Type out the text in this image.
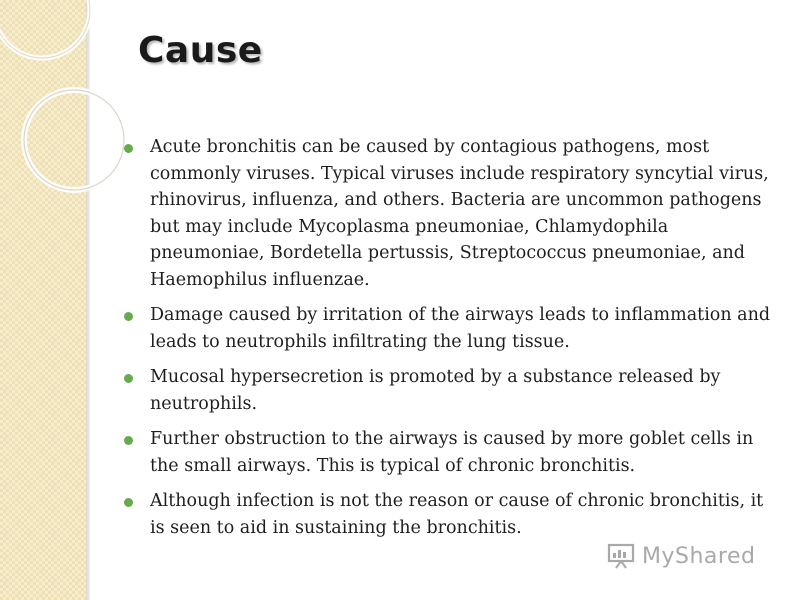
Cause
Acute bronchitis can be caused by contagious pathogens, most commonly viruses. Typical viruses include respiratory syncytial virus, rhinovirus, influenza, and others. Bacteria are uncommon pathogens but may include Mycoplasma pneumoniae, Chlamydophila pneumoniae, Bordetella pertussis, Streptococcus pneumoniae, and Haemophilus influenzae.
Damage caused by irritation of the airways leads to inflammation and leads to neutrophils infiltrating the lung tissue.
Mucosal hypersecretion is promoted by a substance released by neutrophils.
Further obstruction to the airways is caused by more goblet cells in the small airways. This is typical of chronic bronchitis.
Although infection is not the reason or cause of chronic bronchitis, it is seen to aid in sustaining the bronchitis.
MyShared
